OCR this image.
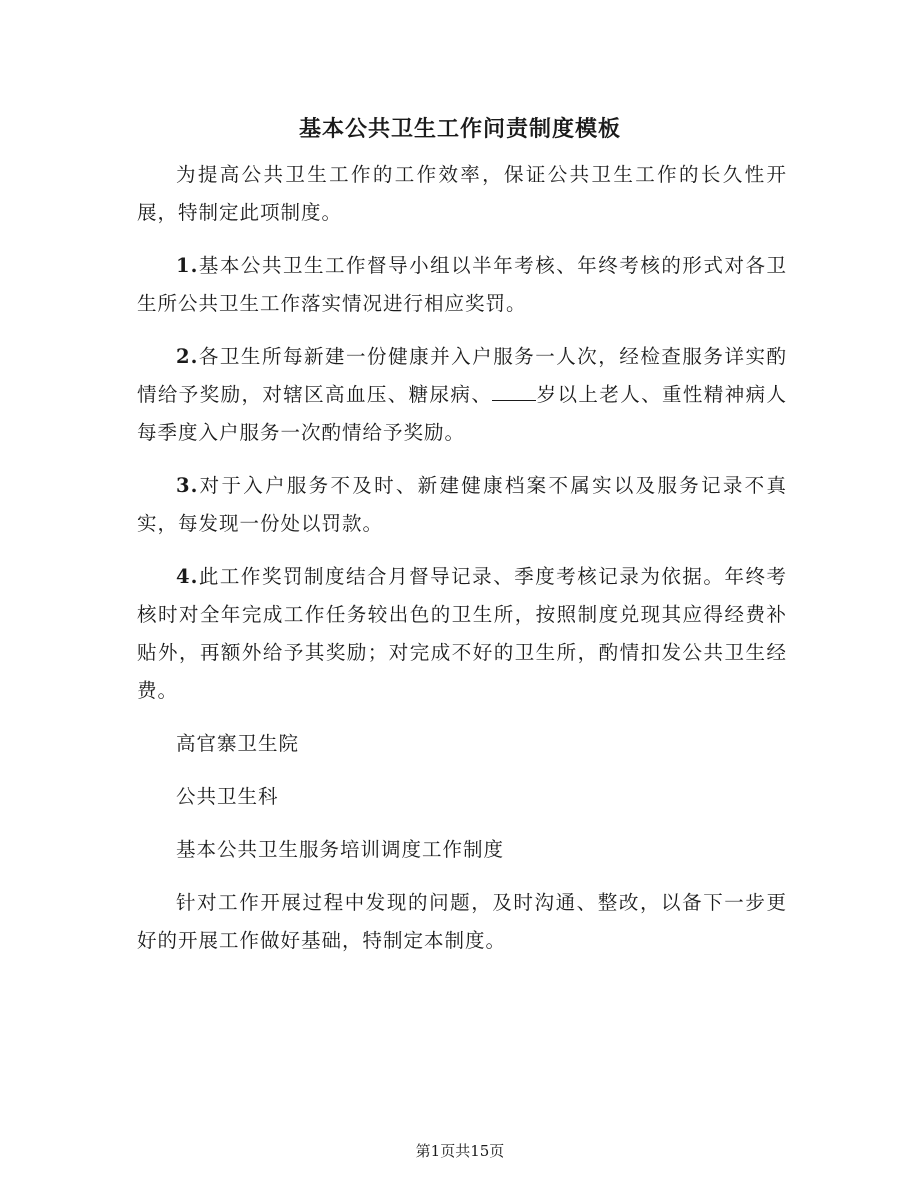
基本公共卫生工作问责制度模板

为提高公共卫生工作的工作效率，保证公共卫生工作的长久性开展，特制定此项制度。

1.基本公共卫生工作督导小组以半年考核、年终考核的形式对各卫生所公共卫生工作落实情况进行相应奖罚。

2.各卫生所每新建一份健康并入户服务一人次，经检查服务详实酌情给予奖励，对辖区高血压、糖尿病、 岁以上老人、重性精神病人每季度入户服务一次酌情给予奖励。

3.对于入户服务不及时、新建健康档案不属实以及服务记录不真实，每发现一份处以罚款。

4.此工作奖罚制度结合月督导记录、季度考核记录为依据。年终考核时对全年完成工作任务较出色的卫生所，按照制度兑现其应得经费补贴外，再额外给予其奖励；对完成不好的卫生所，酌情扣发公共卫生经费。

高官寨卫生院

公共卫生科

基本公共卫生服务培训调度工作制度

针对工作开展过程中发现的问题，及时沟通、整改，以备下一步更好的开展工作做好基础，特制定本制度。

第1页共15页
